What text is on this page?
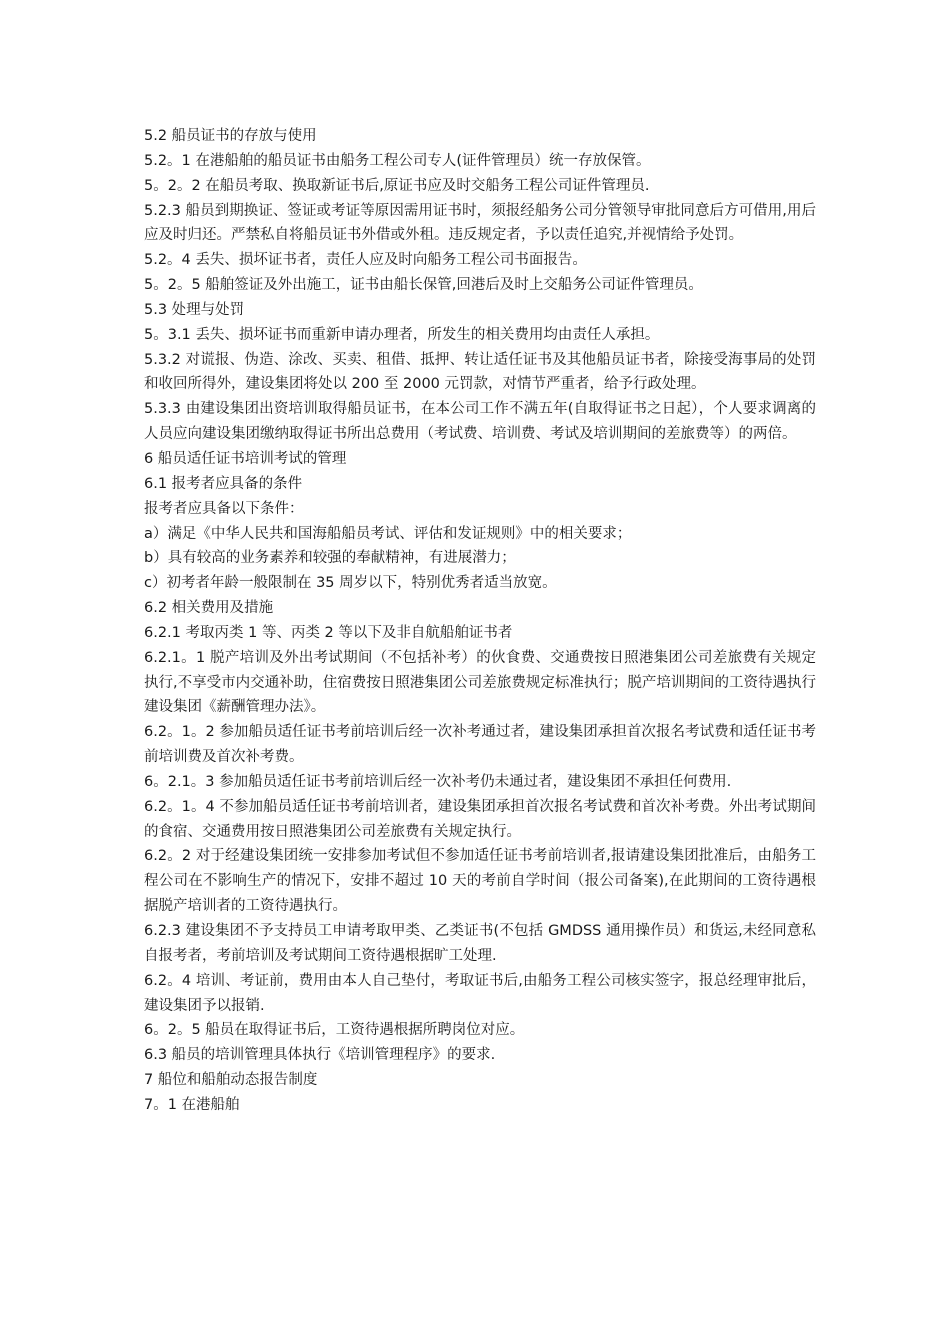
5.2 船员证书的存放与使用

5.2。1 在港船舶的船员证书由船务工程公司专人(证件管理员）统一存放保管。

5。2。2 在船员考取、换取新证书后,原证书应及时交船务工程公司证件管理员.

5.2.3 船员到期换证、签证或考证等原因需用证书时，须报经船务公司分管领导审批同意后方可借用,用后应及时归还。严禁私自将船员证书外借或外租。违反规定者，予以责任追究,并视情给予处罚。

5.2。4 丢失、损坏证书者，责任人应及时向船务工程公司书面报告。

5。2。5 船舶签证及外出施工，证书由船长保管,回港后及时上交船务公司证件管理员。

5.3 处理与处罚

5。3.1 丢失、损坏证书而重新申请办理者，所发生的相关费用均由责任人承担。

5.3.2 对谎报、伪造、涂改、买卖、租借、抵押、转让适任证书及其他船员证书者，除接受海事局的处罚和收回所得外，建设集团将处以 200 至 2000 元罚款，对情节严重者，给予行政处理。

5.3.3 由建设集团出资培训取得船员证书，在本公司工作不满五年(自取得证书之日起），个人要求调离的人员应向建设集团缴纳取得证书所出总费用（考试费、培训费、考试及培训期间的差旅费等）的两倍。

6 船员适任证书培训考试的管理

6.1 报考者应具备的条件

报考者应具备以下条件：

a）满足《中华人民共和国海船船员考试、评估和发证规则》中的相关要求；

b）具有较高的业务素养和较强的奉献精神，有进展潜力；

c）初考者年龄一般限制在 35 周岁以下，特别优秀者适当放宽。

6.2 相关费用及措施

6.2.1 考取丙类 1 等、丙类 2 等以下及非自航船舶证书者

6.2.1。1 脱产培训及外出考试期间（不包括补考）的伙食费、交通费按日照港集团公司差旅费有关规定执行,不享受市内交通补助，住宿费按日照港集团公司差旅费规定标准执行；脱产培训期间的工资待遇执行建设集团《薪酬管理办法》。

6.2。1。2 参加船员适任证书考前培训后经一次补考通过者，建设集团承担首次报名考试费和适任证书考前培训费及首次补考费。

6。2.1。3 参加船员适任证书考前培训后经一次补考仍未通过者，建设集团不承担任何费用.

6.2。1。4 不参加船员适任证书考前培训者，建设集团承担首次报名考试费和首次补考费。外出考试期间的食宿、交通费用按日照港集团公司差旅费有关规定执行。

6.2。2 对于经建设集团统一安排参加考试但不参加适任证书考前培训者,报请建设集团批准后，由船务工程公司在不影响生产的情况下，安排不超过 10 天的考前自学时间（报公司备案),在此期间的工资待遇根据脱产培训者的工资待遇执行。

6.2.3 建设集团不予支持员工申请考取甲类、乙类证书(不包括 GMDSS 通用操作员）和货运,未经同意私自报考者，考前培训及考试期间工资待遇根据旷工处理.

6.2。4 培训、考证前，费用由本人自己垫付，考取证书后,由船务工程公司核实签字，报总经理审批后，建设集团予以报销.

6。2。5 船员在取得证书后，工资待遇根据所聘岗位对应。

6.3 船员的培训管理具体执行《培训管理程序》的要求.

7 船位和船舶动态报告制度

7。1 在港船舶
